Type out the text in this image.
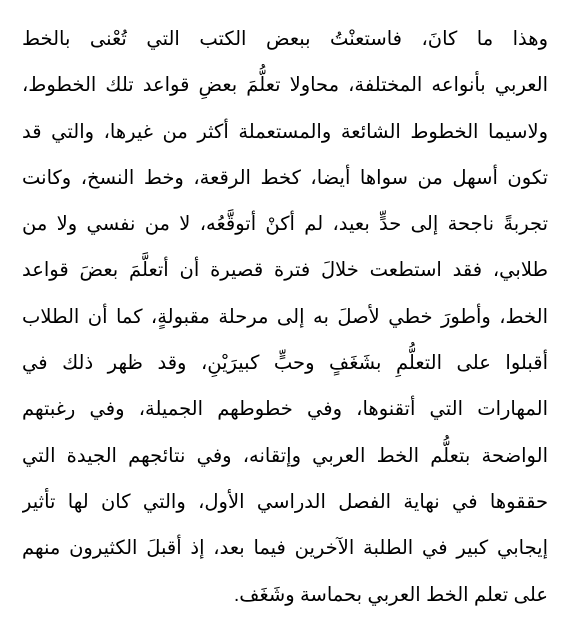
وهذا ما كانَ، فاستعنْتُ ببعض الكتب التي تُعْنى بالخط
العربي بأنواعه المختلفة، محاولا تعلُّمَ بعضِ قواعد تلك الخطوط،
ولاسيما الخطوط الشائعة والمستعملة أكثر من غيرها، والتي قد
تكون أسهل من سواها أيضا، كخط الرقعة، وخط النسخ، وكانت
تجربةً ناجحة إلى حدٍّ بعيد، لم أكنْ أتوقَّعُه، لا من نفسي ولا من
طلابي، فقد استطعت خلالَ فترة قصيرة أن أتعلَّمَ بعضَ قواعد
الخط، وأطورَ خطي لأصلَ به إلى مرحلة مقبولةٍ، كما أن الطلاب
أقبلوا على التعلُّمِ بشَغَفٍ وحبٍّ كبيرَيْنِ، وقد ظهر ذلك في
المهارات التي أتقنوها، وفي خطوطهم الجميلة، وفي رغبتهم
الواضحة بتعلُّم الخط العربي وإتقانه، وفي نتائجهم الجيدة التي
حققوها في نهاية الفصل الدراسي الأول، والتي كان لها تأثير
إيجابي كبير في الطلبة الآخرين فيما بعد، إذ أقبلَ الكثيرون منهم
على تعلم الخط العربي بحماسة وشَغَف.
